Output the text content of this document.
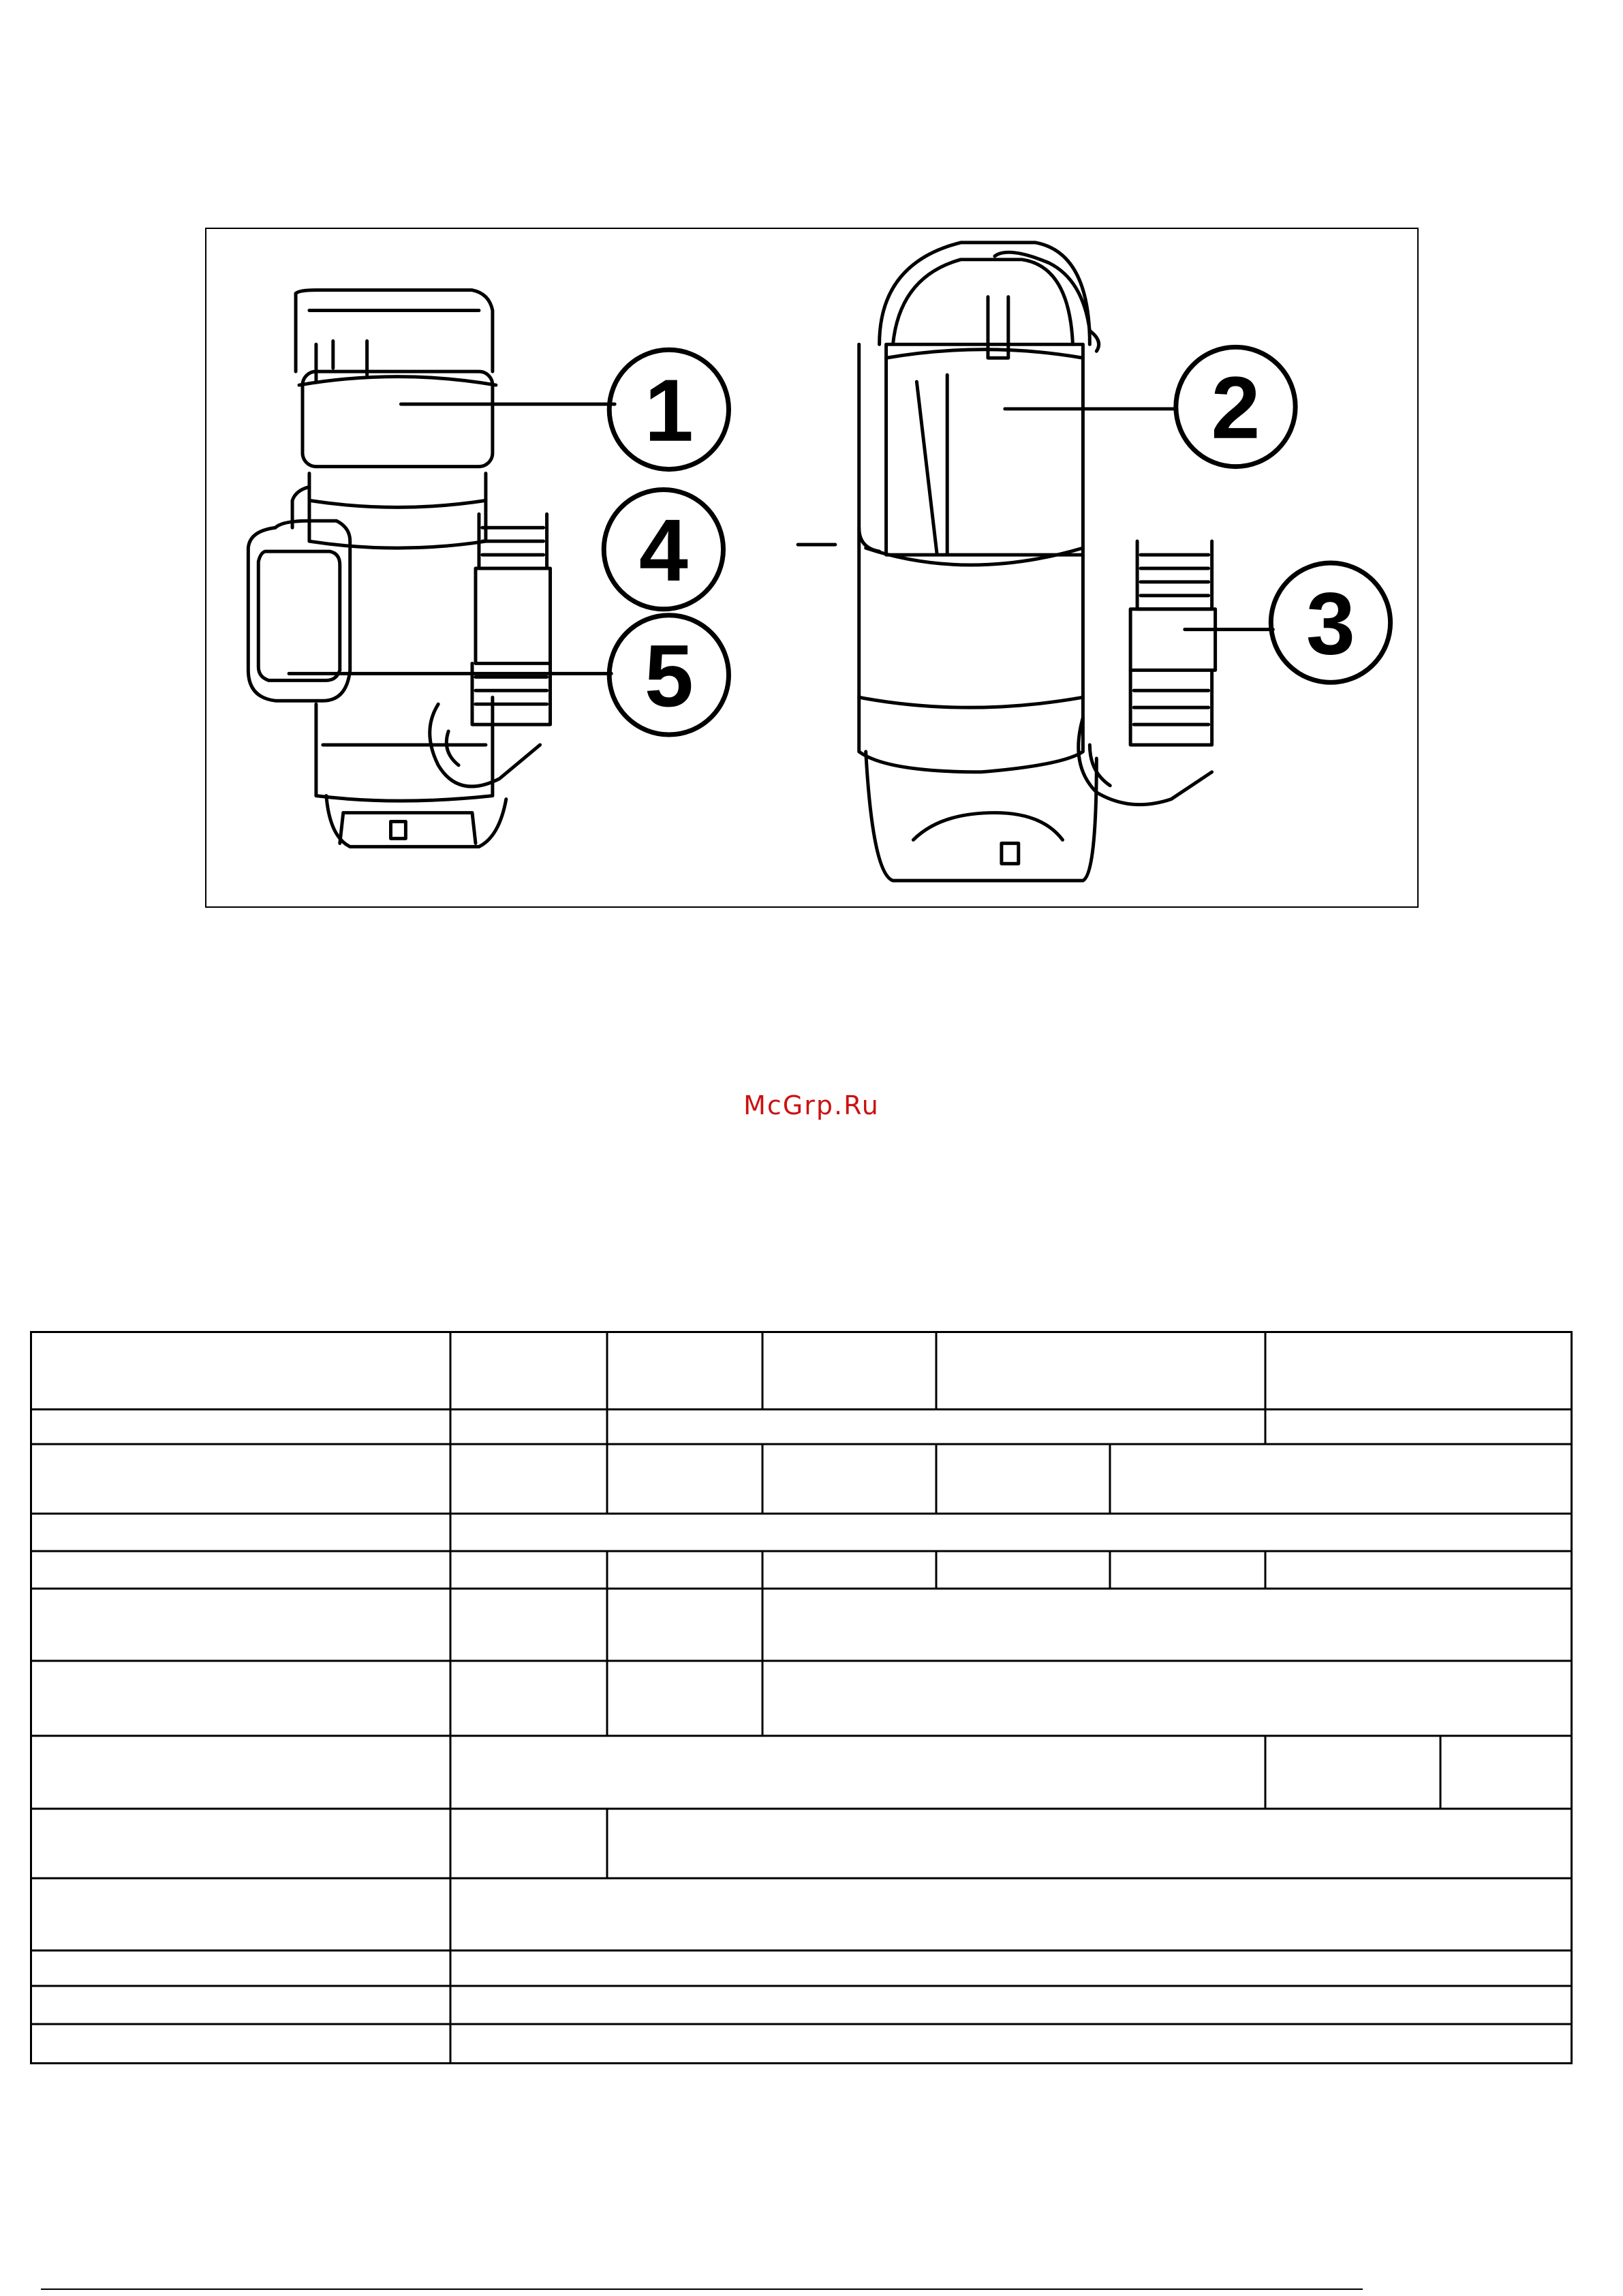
1	2
3
4
5
McGrp.Ru
